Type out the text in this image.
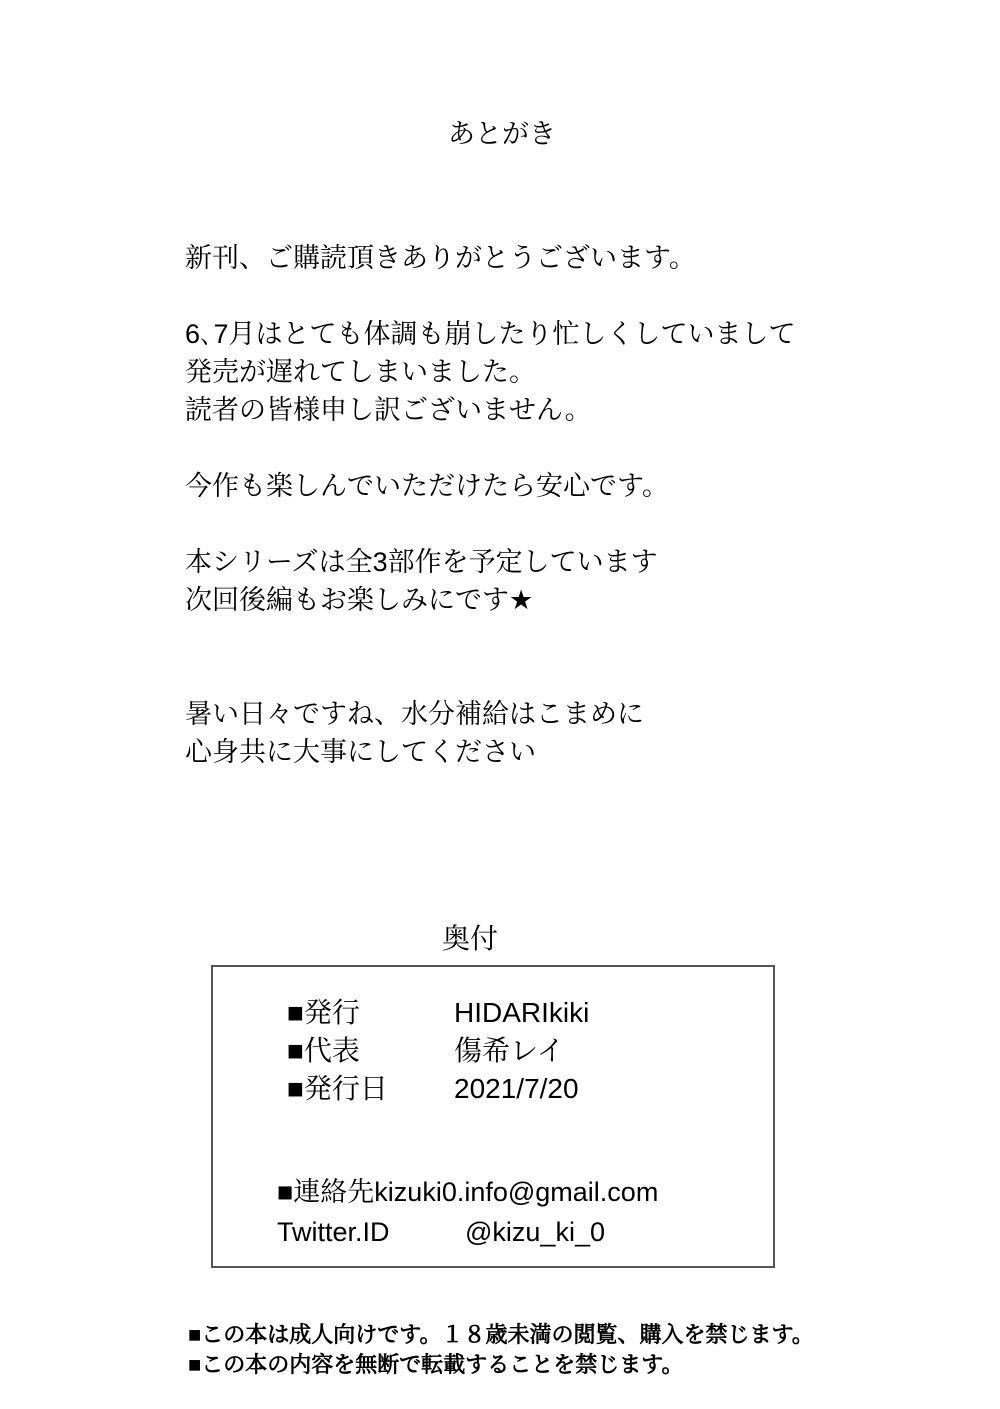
あとがき
新刊、ご購読頂きありがとうございます。
6､7月はとても体調も崩したり忙しくしていまして
発売が遅れてしまいました。
読者の皆様申し訳ございません。
今作も楽しんでいただけたら安心です。
本シリーズは全3部作を予定しています
次回後編もお楽しみにです★
暑い日々ですね、水分補給はこまめに
心身共に大事にしてください
奥付
■発行	HIDARIkiki
■代表	傷希レイ
■発行日	2021/7/20
■連絡先kizuki0.info@gmail.com
Twitter.ID	@kizu_ki_0
■この本は成人向けです。１８歳未満の閲覧、購入を禁じます。
■この本の内容を無断で転載することを禁じます。
